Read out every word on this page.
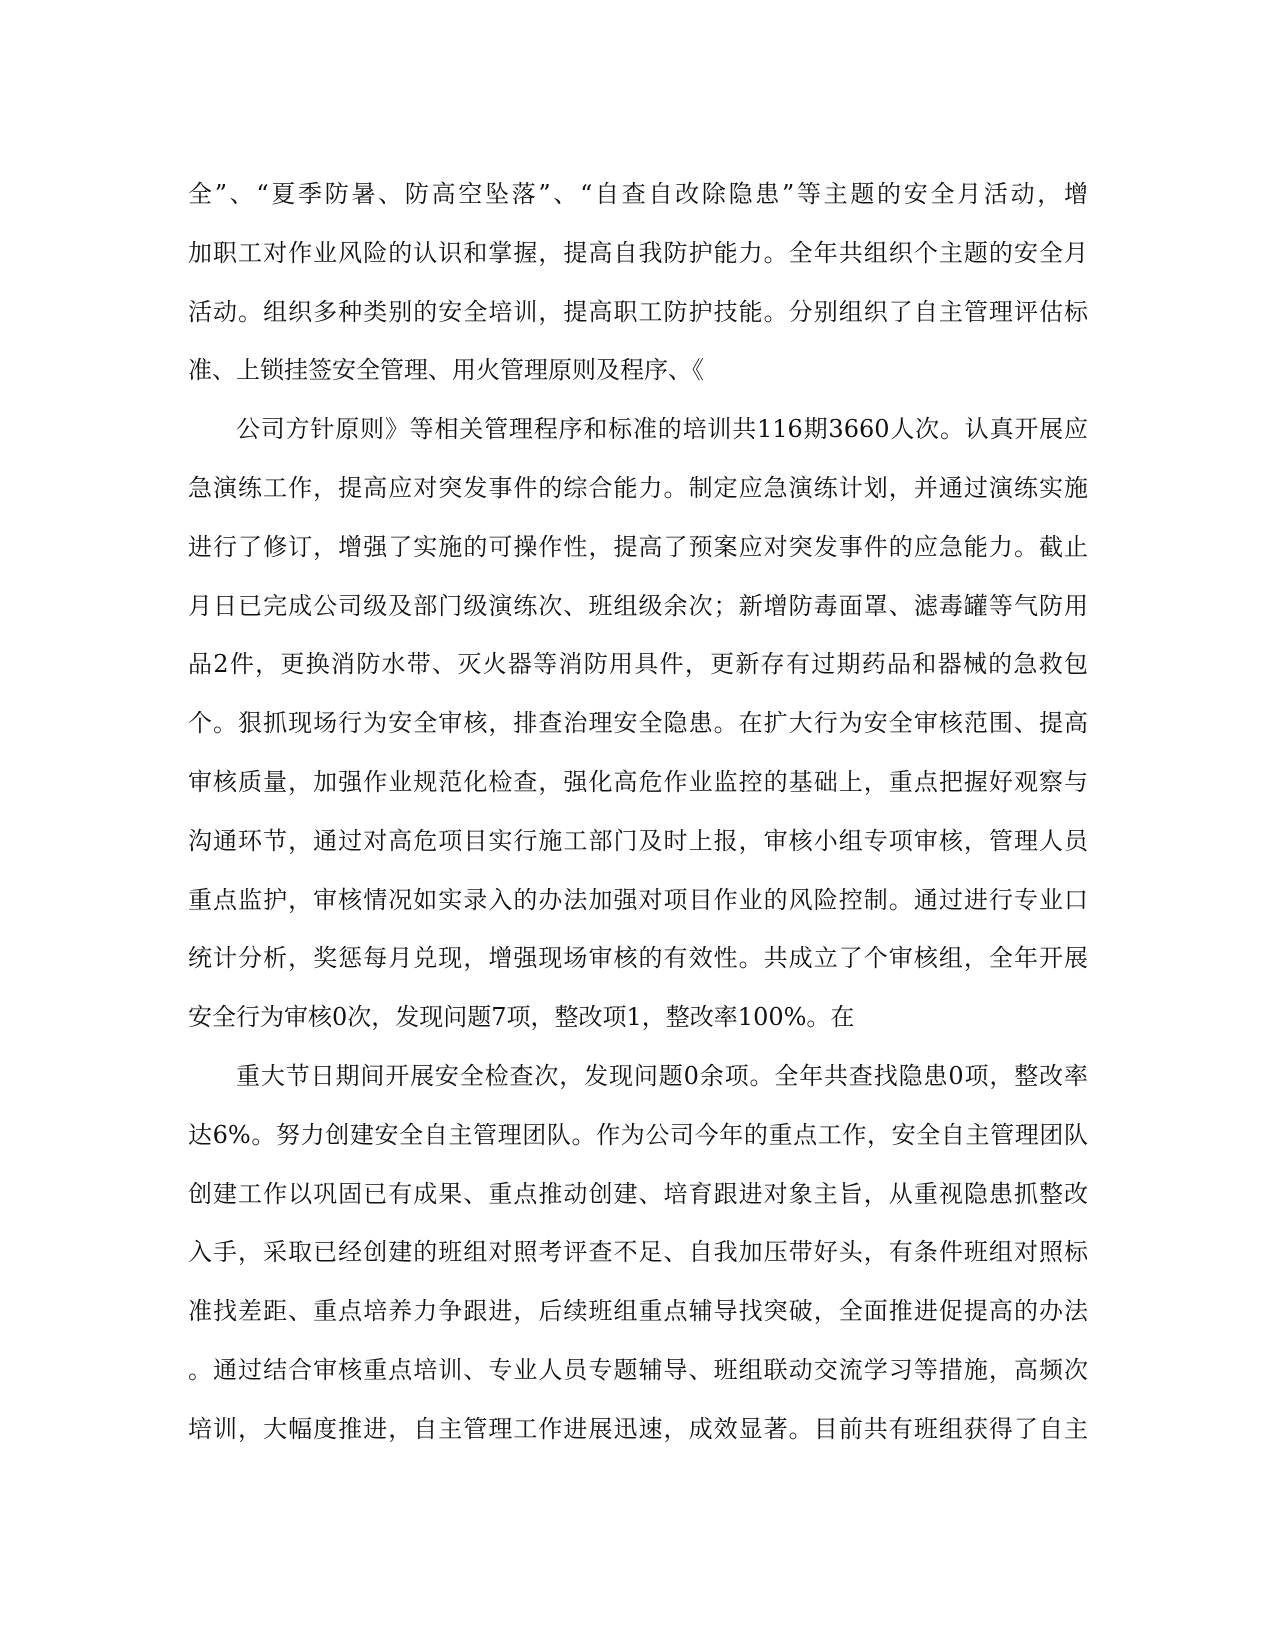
全”、“夏季防暑、防高空坠落”、“自查自改除隐患”等主题的安全月活动，增
加职工对作业风险的认识和掌握，提高自我防护能力。全年共组织个主题的安全月
活动。组织多种类别的安全培训，提高职工防护技能。分别组织了自主管理评估标
准、上锁挂签安全管理、用火管理原则及程序、《
公司方针原则》等相关管理程序和标准的培训共116期3660人次。认真开展应
急演练工作，提高应对突发事件的综合能力。制定应急演练计划，并通过演练实施
进行了修订，增强了实施的可操作性，提高了预案应对突发事件的应急能力。截止
月日已完成公司级及部门级演练次、班组级余次；新增防毒面罩、滤毒罐等气防用
品2件，更换消防水带、灭火器等消防用具件，更新存有过期药品和器械的急救包
个。狠抓现场行为安全审核，排查治理安全隐患。在扩大行为安全审核范围、提高
审核质量，加强作业规范化检查，强化高危作业监控的基础上，重点把握好观察与
沟通环节，通过对高危项目实行施工部门及时上报，审核小组专项审核，管理人员
重点监护，审核情况如实录入的办法加强对项目作业的风险控制。通过进行专业口
统计分析，奖惩每月兑现，增强现场审核的有效性。共成立了个审核组，全年开展
安全行为审核0次，发现问题7项，整改项1，整改率100%。在
重大节日期间开展安全检查次，发现问题0余项。全年共查找隐患0项，整改率
达6%。努力创建安全自主管理团队。作为公司今年的重点工作，安全自主管理团队
创建工作以巩固已有成果、重点推动创建、培育跟进对象主旨，从重视隐患抓整改
入手，采取已经创建的班组对照考评查不足、自我加压带好头，有条件班组对照标
准找差距、重点培养力争跟进，后续班组重点辅导找突破，全面推进促提高的办法
。通过结合审核重点培训、专业人员专题辅导、班组联动交流学习等措施，高频次
培训，大幅度推进，自主管理工作进展迅速，成效显著。目前共有班组获得了自主
